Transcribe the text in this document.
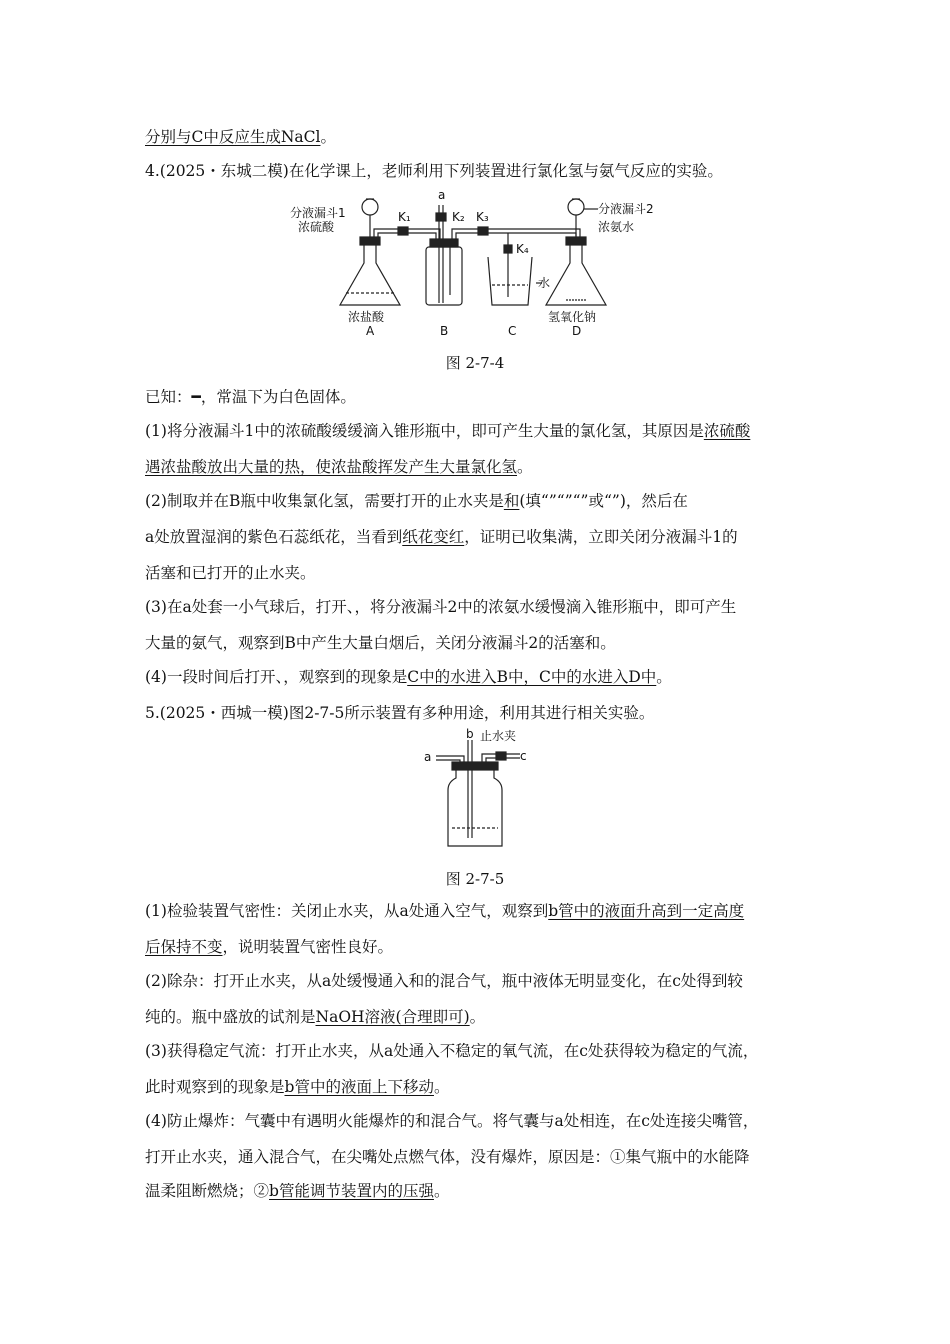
分别与C中反应生成NaCl。
4.(2025・东城二模)在化学课上，老师利用下列装置进行氯化氢与氨气反应的实验。
分液漏斗1
浓硫酸
K₁
a
K₂ K₃
分液漏斗2
浓氨水
K₄
水
浓盐酸
A	B	C
氢氧化钠
D
图 2-7-4
已知：━，常温下为白色固体。
(1)将分液漏斗1中的浓硫酸缓缓滴入锥形瓶中，即可产生大量的氯化氢，其原因是浓硫酸
遇浓盐酸放出大量的热，使浓盐酸挥发产生大量氯化氢。
(2)制取并在B瓶中收集氯化氢，需要打开的止水夹是和(填“”“”“”或“”)，然后在
a处放置湿润的紫色石蕊纸花，当看到纸花变红，证明已收集满，立即关闭分液漏斗1的
活塞和已打开的止水夹。
(3)在a处套一小气球后，打开、，将分液漏斗2中的浓氨水缓慢滴入锥形瓶中，即可产生
大量的氨气，观察到B中产生大量白烟后，关闭分液漏斗2的活塞和。
(4)一段时间后打开、，观察到的现象是C中的水进入B中，C中的水进入D中。
5.(2025・西城一模)图2-7-5所示装置有多种用途，利用其进行相关实验。
b 止水夹
a	c
图 2-7-5
(1)检验装置气密性：关闭止水夹，从a处通入空气，观察到b管中的液面升高到一定高度
后保持不变，说明装置气密性良好。
(2)除杂：打开止水夹，从a处缓慢通入和的混合气，瓶中液体无明显变化，在c处得到较
纯的。瓶中盛放的试剂是NaOH溶液(合理即可)。
(3)获得稳定气流：打开止水夹，从a处通入不稳定的氧气流，在c处获得较为稳定的气流，
此时观察到的现象是b管中的液面上下移动。
(4)防止爆炸：气囊中有遇明火能爆炸的和混合气。将气囊与a处相连，在c处连接尖嘴管，
打开止水夹，通入混合气，在尖嘴处点燃气体，没有爆炸，原因是：①集气瓶中的水能降
温柔阻断燃烧；②b管能调节装置内的压强。
